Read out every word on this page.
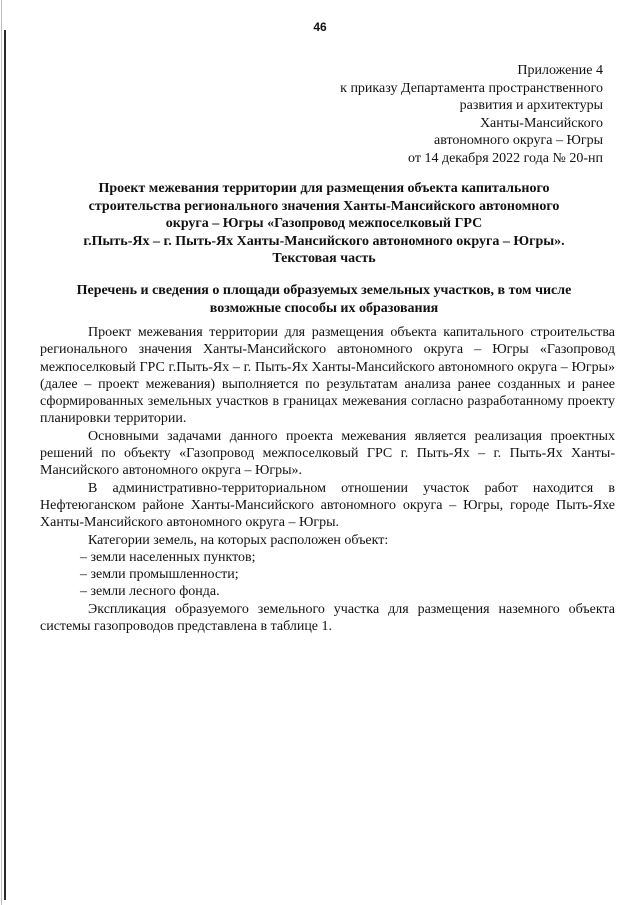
46
Приложение 4
к приказу Департамента пространственного
развития и архитектуры
Ханты-Мансийского
автономного округа – Югры
от 14 декабря 2022 года № 20-нп
Проект межевания территории для размещения объекта капитального
строительства регионального значения Ханты-Мансийского автономного
округа – Югры «Газопровод межпоселковый ГРС
г.Пыть-Ях – г. Пыть-Ях Ханты-Мансийского автономного округа – Югры».
Текстовая часть
Перечень и сведения о площади образуемых земельных участков, в том числе
возможные способы их образования

Проект межевания территории для размещения объекта капитального строительства регионального значения Ханты-Мансийского автономного округа – Югры «Газопровод межпоселковый ГРС г.Пыть-Ях – г. Пыть-Ях Ханты-Мансийского автономного округа – Югры» (далее – проект межевания) выполняется по результатам анализа ранее созданных и ранее сформированных земельных участков в границах межевания согласно разработанному проекту планировки территории.

Основными задачами данного проекта межевания является реализация проектных решений по объекту «Газопровод межпоселковый ГРС г. Пыть-Ях – г. Пыть-Ях Ханты-Мансийского автономного округа – Югры».

В административно-территориальном отношении участок работ находится в Нефтеюганском районе Ханты-Мансийского автономного округа – Югры, городе Пыть-Яхе Ханты-Мансийского автономного округа – Югры.

Категории земель, на которых расположен объект:

– земли населенных пунктов;

– земли промышленности;

– земли лесного фонда.

Экспликация образуемого земельного участка для размещения наземного объекта системы газопроводов представлена в таблице 1.
